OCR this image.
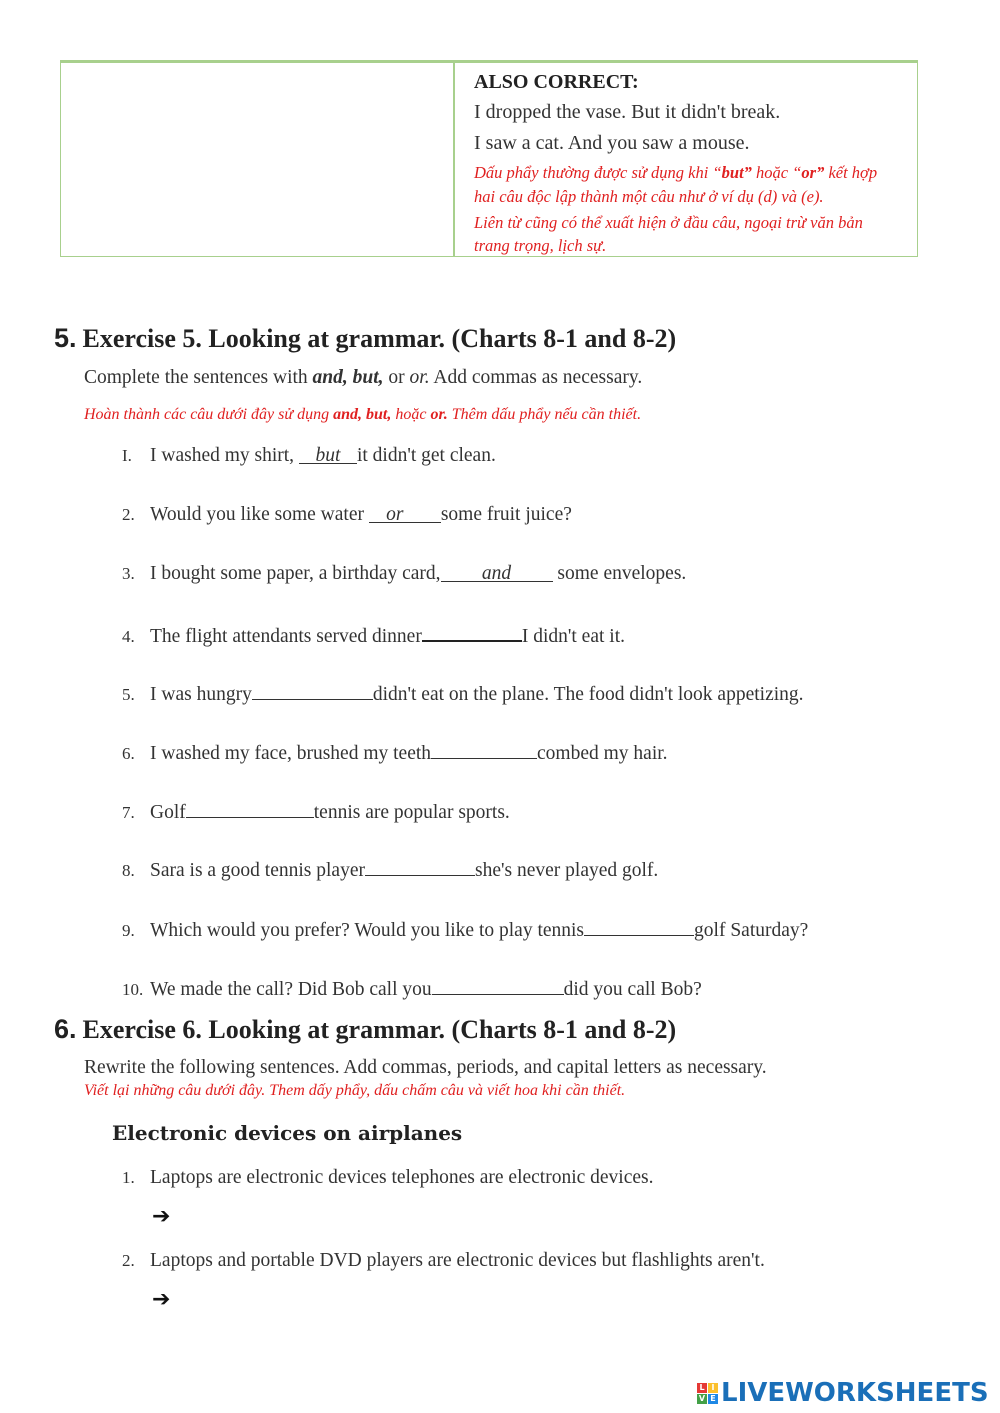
ALSO CORRECT:
I dropped the vase. But it didn't break.
I saw a cat. And you saw a mouse.
Dấu phẩy thường được sử dụng khi “but” hoặc “or” kết hợp
hai câu độc lập thành một câu như ở ví dụ (d) và (e).
Liên từ cũng có thể xuất hiện ở đầu câu, ngoại trừ văn bản
trang trọng, lịch sự.
5. Exercise 5. Looking at grammar. (Charts 8-1 and 8-2)
Complete the sentences with and, but, or or. Add commas as necessary.
Hoàn thành các câu dưới đây sử dụng and, but, hoặc or. Thêm dấu phẩy nếu cần thiết.
I. I washed my shirt, but it didn't get clean.
2. Would you like some water or some fruit juice?
3. I bought some paper, a birthday card, and some envelopes.
4. The flight attendants served dinner	I didn't eat it.
5. I was hungry	didn't eat on the plane. The food didn't look appetizing.
6. I washed my face, brushed my teeth	combed my hair.
7. Golf	tennis are popular sports.
8. Sara is a good tennis player	she's never played golf.
9. Which would you prefer? Would you like to play tennis	golf Saturday?
10. We made the call? Did Bob call you	did you call Bob?
6. Exercise 6. Looking at grammar. (Charts 8-1 and 8-2)
Rewrite the following sentences. Add commas, periods, and capital letters as necessary.
Viết lại những câu dưới đây. Them dấy phẩy, dấu chấm câu và viết hoa khi cần thiết.
Electronic devices on airplanes
1. Laptops are electronic devices telephones are electronic devices.
➔
2. Laptops and portable DVD players are electronic devices but flashlights aren't.
➔
L I
V E LIVEWORKSHEETS
